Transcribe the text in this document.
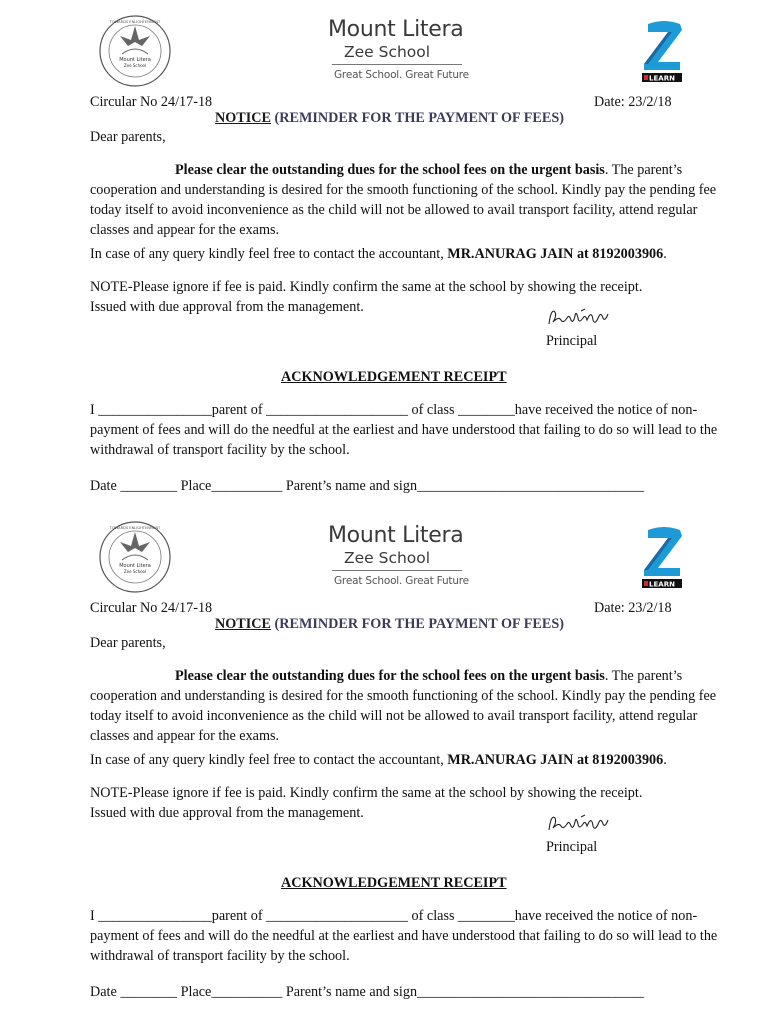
Mount Litera
Zee School
TOWARDS ENLIGHTENMENT	Mount Litera
Zee School
Great School. Great Future	LEARN
Circular No 24/17-18	Date: 23/2/18
NOTICE (REMINDER FOR THE PAYMENT OF FEES)
Dear parents,
Please clear the outstanding dues for the school fees on the urgent basis. The parent’s cooperation and understanding is desired for the smooth functioning of the school. Kindly pay the pending fee today itself to avoid inconvenience as the child will not be allowed to avail transport facility, attend regular classes and appear for the exams.
In case of any query kindly feel free to contact the accountant, MR.ANURAG JAIN at 8192003906.
NOTE-Please ignore if fee is paid. Kindly confirm the same at the school by showing the receipt.
Issued with due approval from the management.
Principal
ACKNOWLEDGEMENT RECEIPT
I ________________parent of ____________________ of class ________have received the notice of non-payment of fees and will do the needful at the earliest and have understood that failing to do so will lead to the withdrawal of transport facility by the school.
Date ________ Place__________ Parent’s name and sign________________________________
Mount Litera
Zee School
TOWARDS ENLIGHTENMENT	Mount Litera
Zee School
Great School. Great Future	LEARN
Circular No 24/17-18	Date: 23/2/18
NOTICE (REMINDER FOR THE PAYMENT OF FEES)
Dear parents,
Please clear the outstanding dues for the school fees on the urgent basis. The parent’s cooperation and understanding is desired for the smooth functioning of the school. Kindly pay the pending fee today itself to avoid inconvenience as the child will not be allowed to avail transport facility, attend regular classes and appear for the exams.
In case of any query kindly feel free to contact the accountant, MR.ANURAG JAIN at 8192003906.
NOTE-Please ignore if fee is paid. Kindly confirm the same at the school by showing the receipt.
Issued with due approval from the management.
Principal
ACKNOWLEDGEMENT RECEIPT
I ________________parent of ____________________ of class ________have received the notice of non-payment of fees and will do the needful at the earliest and have understood that failing to do so will lead to the withdrawal of transport facility by the school.
Date ________ Place__________ Parent’s name and sign________________________________
